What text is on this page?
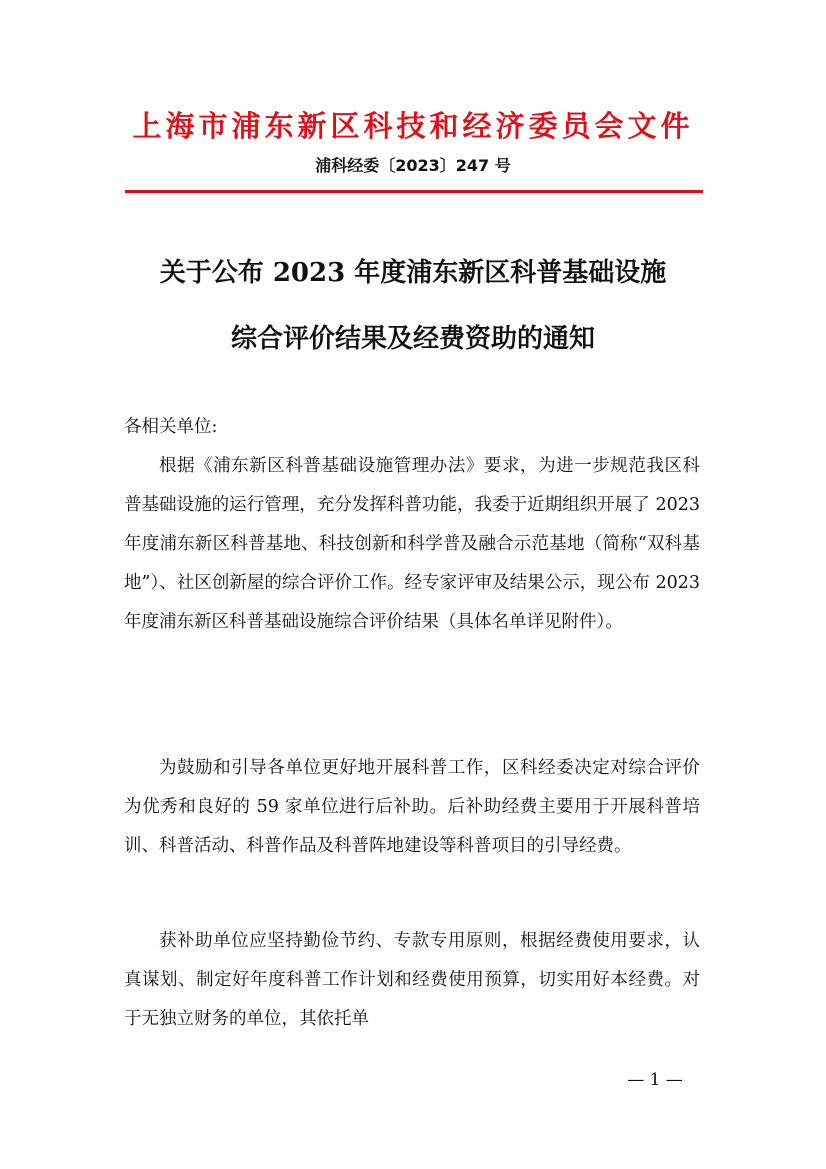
上海市浦东新区科技和经济委员会文件
浦科经委〔2023〕247 号
关于公布 2023 年度浦东新区科普基础设施
综合评价结果及经费资助的通知
各相关单位:

根据《浦东新区科普基础设施管理办法》要求，为进一步规范我区科普基础设施的运行管理，充分发挥科普功能，我委于近期组织开展了 2023 年度浦东新区科普基地、科技创新和科学普及融合示范基地（简称“双科基地”）、社区创新屋的综合评价工作。经专家评审及结果公示，现公布 2023 年度浦东新区科普基础设施综合评价结果（具体名单详见附件）。

为鼓励和引导各单位更好地开展科普工作，区科经委决定对综合评价为优秀和良好的 59 家单位进行后补助。后补助经费主要用于开展科普培训、科普活动、科普作品及科普阵地建设等科普项目的引导经费。

获补助单位应坚持勤俭节约、专款专用原则，根据经费使用要求，认真谋划、制定好年度科普工作计划和经费使用预算，切实用好本经费。对于无独立财务的单位，其依托单

— 1 —
